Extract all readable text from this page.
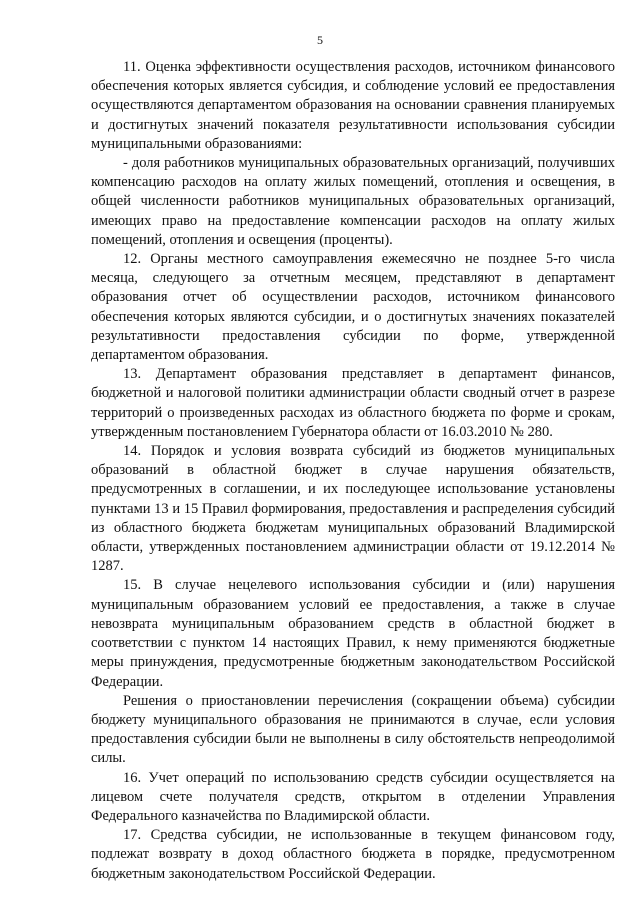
5

11. Оценка эффективности осуществления расходов, источником финансового обеспечения которых является субсидия, и соблюдение условий ее предоставления осуществляются департаментом образования на основании сравнения планируемых и достигнутых значений показателя результативности использования субсидии муниципальными образованиями:

- доля работников муниципальных образовательных организаций, получивших компенсацию расходов на оплату жилых помещений, отопления и освещения, в общей численности работников муниципальных образовательных организаций, имеющих право на предоставление компенсации расходов на оплату жилых помещений, отопления и освещения (проценты).

12. Органы местного самоуправления ежемесячно не позднее 5-го числа месяца, следующего за отчетным месяцем, представляют в департамент образования отчет об осуществлении расходов, источником финансового обеспечения которых являются субсидии, и о достигнутых значениях показателей результативности предоставления субсидии по форме, утвержденной департаментом образования.

13. Департамент образования представляет в департамент финансов, бюджетной и налоговой политики администрации области сводный отчет в разрезе территорий о произведенных расходах из областного бюджета по форме и срокам, утвержденным постановлением Губернатора области от 16.03.2010 № 280.

14. Порядок и условия возврата субсидий из бюджетов муниципальных образований в областной бюджет в случае нарушения обязательств, предусмотренных в соглашении, и их последующее использование установлены пунктами 13 и 15 Правил формирования, предоставления и распределения субсидий из областного бюджета бюджетам муниципальных образований Владимирской области, утвержденных постановлением администрации области от 19.12.2014 № 1287.

15. В случае нецелевого использования субсидии и (или) нарушения муниципальным образованием условий ее предоставления, а также в случае невозврата муниципальным образованием средств в областной бюджет в соответствии с пунктом 14 настоящих Правил, к нему применяются бюджетные меры принуждения, предусмотренные бюджетным законодательством Российской Федерации.

Решения о приостановлении перечисления (сокращении объема) субсидии бюджету муниципального образования не принимаются в случае, если условия предоставления субсидии были не выполнены в силу обстоятельств непреодолимой силы.

16. Учет операций по использованию средств субсидии осуществляется на лицевом счете получателя средств, открытом в отделении Управления Федерального казначейства по Владимирской области.

17. Средства субсидии, не использованные в текущем финансовом году, подлежат возврату в доход областного бюджета в порядке, предусмотренном бюджетным законодательством Российской Федерации.
